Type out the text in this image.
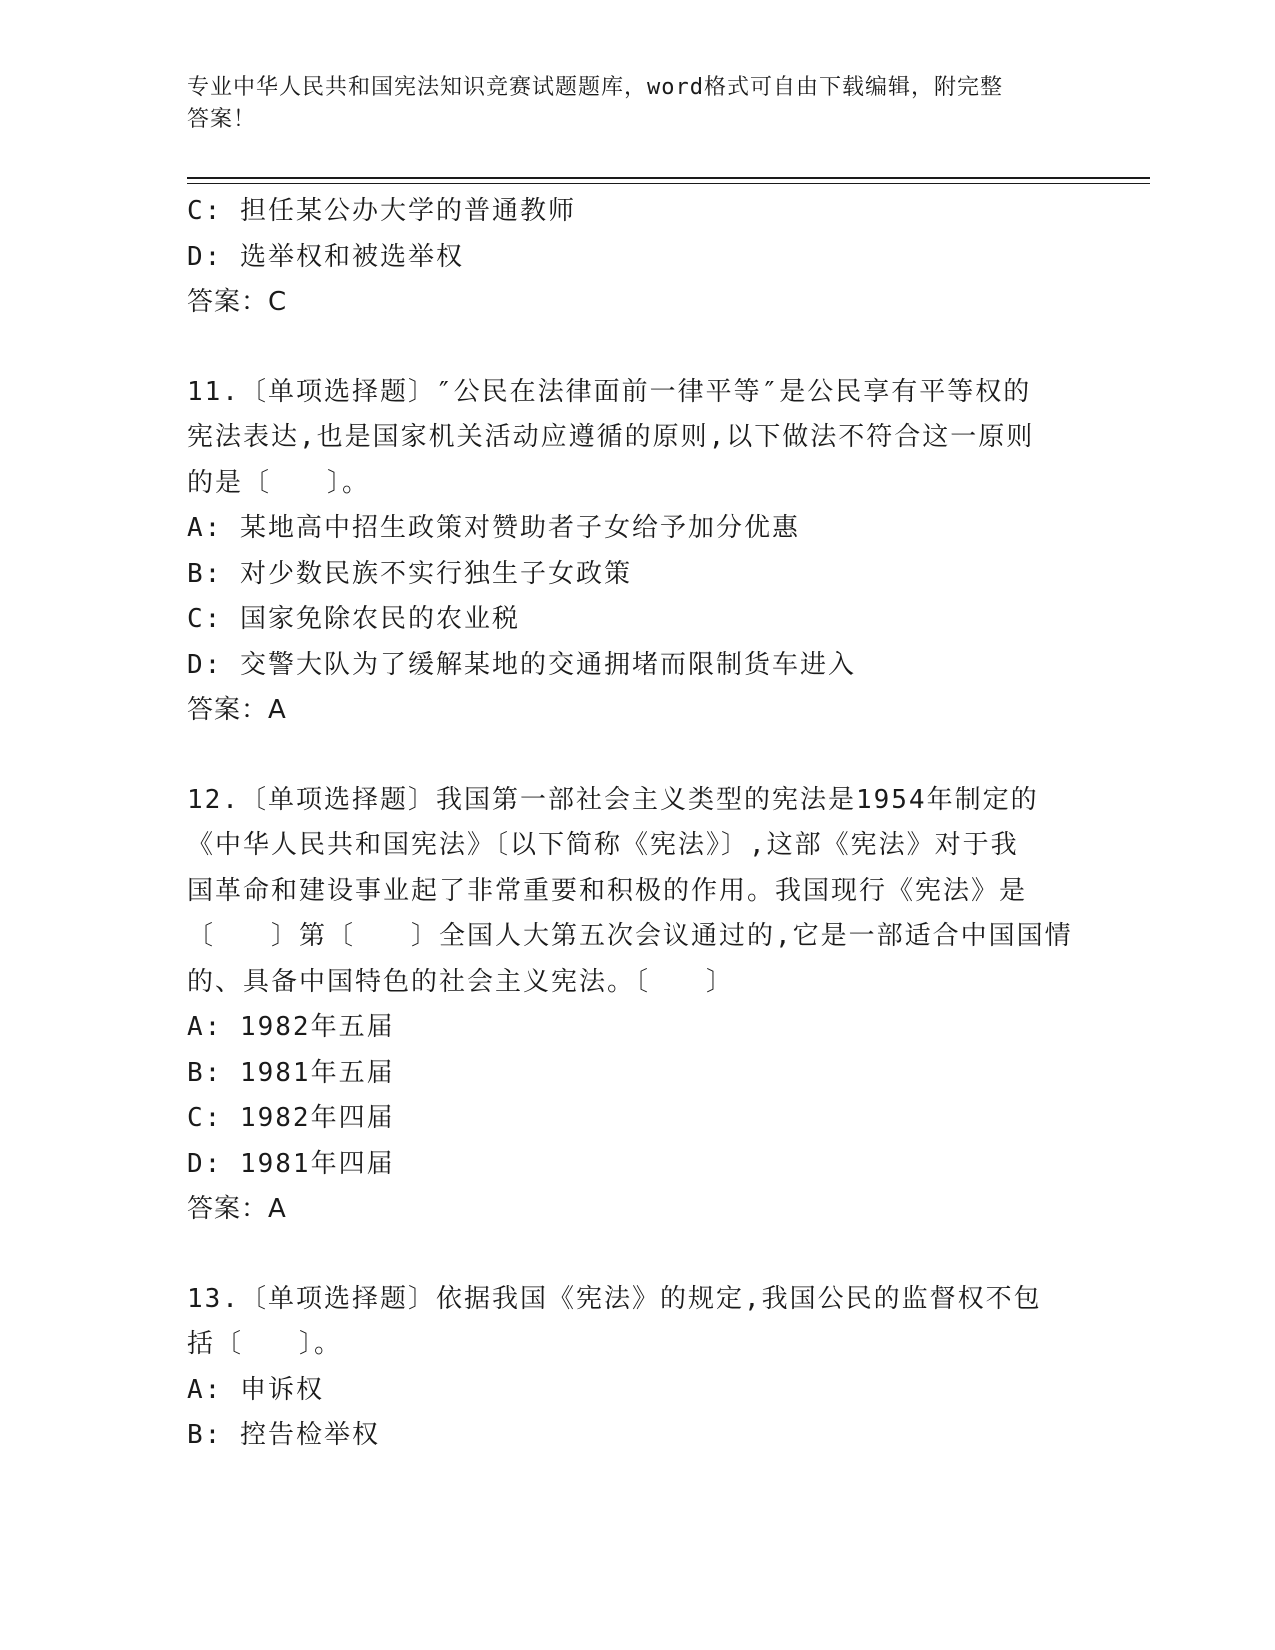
专业中华人民共和国宪法知识竞赛试题题库，word格式可自由下载编辑，附完整
答案！
C: 担任某公办大学的普通教师
D: 选举权和被选举权
答案：C
11.〔单项选择题〕″公民在法律面前一律平等″是公民享有平等权的
宪法表达,也是国家机关活动应遵循的原则,以下做法不符合这一原则
的是〔　　〕。
A: 某地高中招生政策对赞助者子女给予加分优惠
B: 对少数民族不实行独生子女政策
C: 国家免除农民的农业税
D: 交警大队为了缓解某地的交通拥堵而限制货车进入
答案：A
12.〔单项选择题〕我国第一部社会主义类型的宪法是1954年制定的
《中华人民共和国宪法》〔以下简称《宪法》〕,这部《宪法》对于我
国革命和建设事业起了非常重要和积极的作用。我国现行《宪法》是
〔　　〕第〔　　〕全国人大第五次会议通过的,它是一部适合中国国情
的、具备中国特色的社会主义宪法。〔　　〕
A: 1982年五届
B: 1981年五届
C: 1982年四届
D: 1981年四届
答案：A
13.〔单项选择题〕依据我国《宪法》的规定,我国公民的监督权不包
括〔　　〕。
A: 申诉权
B: 控告检举权
